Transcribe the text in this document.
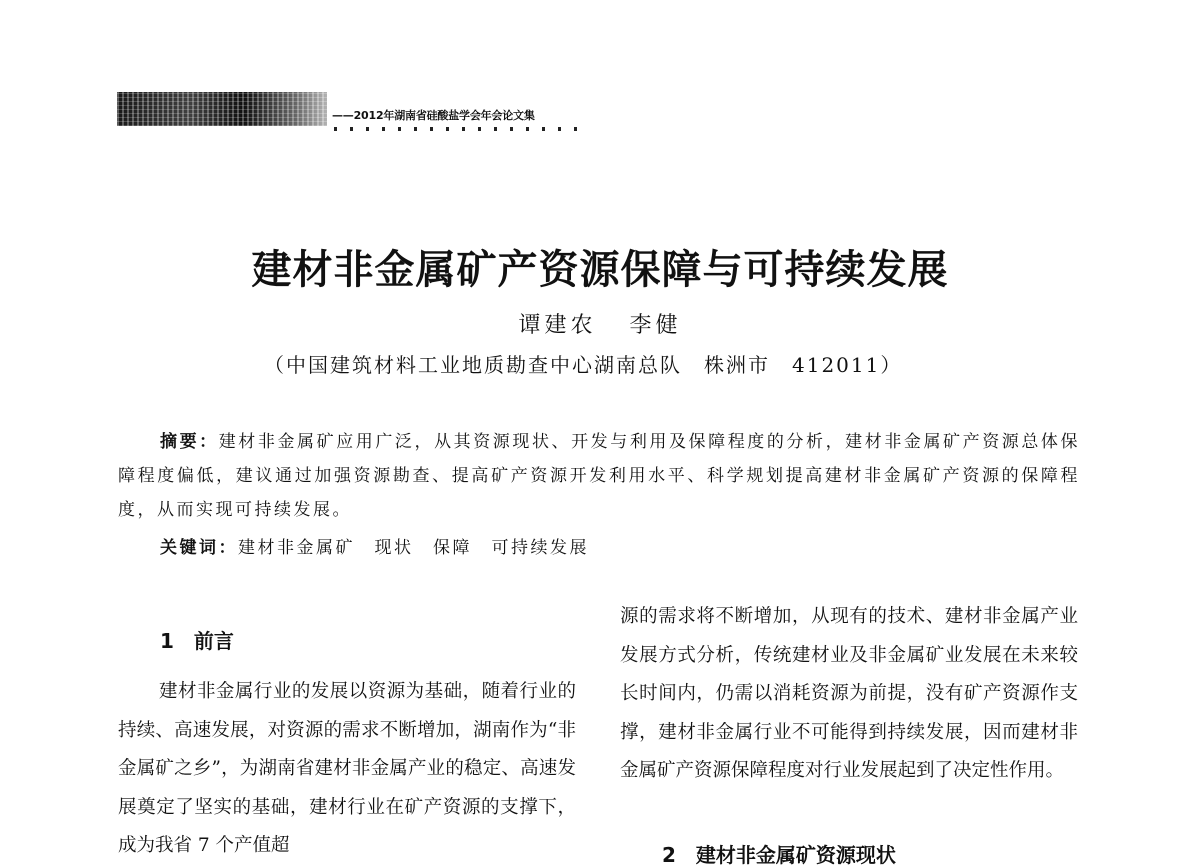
——2012年湖南省硅酸盐学会年会论文集
建材非金属矿产资源保障与可持续发展
谭建农 李健
（中国建筑材料工业地质勘查中心湖南总队　株洲市　412011）
摘要：建材非金属矿应用广泛，从其资源现状、开发与利用及保障程度的分析，建材非金属矿产资源总体保障程度偏低，建议通过加强资源勘查、提高矿产资源开发利用水平、科学规划提高建材非金属矿产资源的保障程度，从而实现可持续发展。
关键词：建材非金属矿　现状　保障　可持续发展
1　前言
建材非金属行业的发展以资源为基础，随着行业的持续、高速发展，对资源的需求不断增加，湖南作为“非金属矿之乡”，为湖南省建材非金属产业的稳定、高速发展奠定了坚实的基础，建材行业在矿产资源的支撑下，成为我省 7 个产值超
源的需求将不断增加，从现有的技术、建材非金属产业发展方式分析，传统建材业及非金属矿业发展在未来较长时间内，仍需以消耗资源为前提，没有矿产资源作支撑，建材非金属行业不可能得到持续发展，因而建材非金属矿产资源保障程度对行业发展起到了决定性作用。
2　建材非金属矿资源现状
